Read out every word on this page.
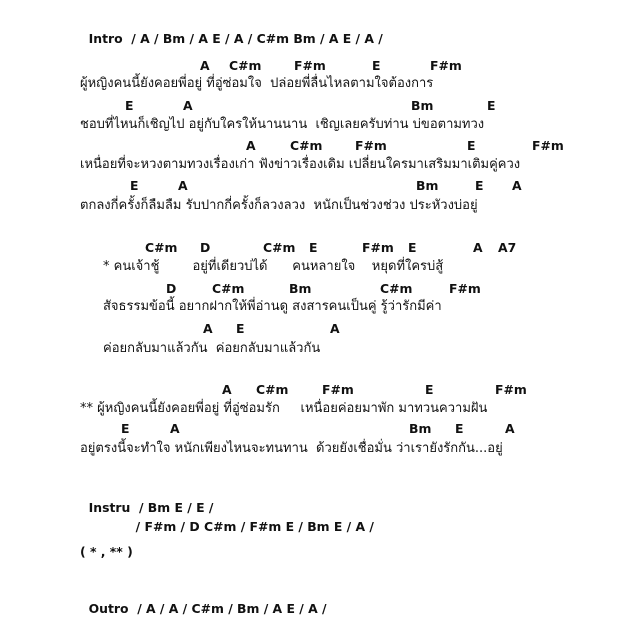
Intro / A / Bm / A E / A / C#m Bm / A E / A /

A C#m	F#m	E	F#m
ผู้หญิงคนนี้ยังคอยพี่อยู่ ที่อู่ซ่อมใจ  ปล่อยพี่ลื่นไหลตามใจต้องการ
E	A	Bm	E
ชอบที่ไหนก็เชิญไป อยู่กับใครให้นานนาน  เชิญเลยครับท่าน บ่ขอตามทวง
A	C#m	F#m	E	F#m
เหนื่อยที่จะหวงตามทวงเรื่องเก่า ฟังข่าวเรื่องเดิม เปลี่ยนใครมาเสริมมาเติมคู่ควง
E	A	Bm	E A
ตกลงกี่ครั้งก็ลืมลืม รับปากกี่ครั้งก็ลวงลวง  หนักเป็นช่วงช่วง ประหัวงบ่อยู่
C#m D	C#m E	F#m E	A A7
* คนเจ้าชู้        อยู่ที่เดียวบ่ได้      คนหลายใจ    หยุดที่ใครบ่สู้
D	C#m	Bm	C#m	F#m
สัจธรรมข้อนี้ อยากฝากให้พี่อ่านดู สงสารคนเป็นคู่ รู้ว่ารักมีค่า
A E	A
ค่อยกลับมาแล้วกัน  ค่อยกลับมาแล้วกัน
A C#m	F#m	E	F#m
** ผู้หญิงคนนี้ยังคอยพี่อยู่ ที่อู่ซ่อมรัก     เหนื่อยค่อยมาพัก มาทวนความฝัน
E	A	Bm E	A
อยู่ตรงนี้จะทำใจ หนักเพียงไหนจะทนทาน  ด้วยยังเชื่อมั่น ว่าเรายังรักกัน...อยู่

Instru / Bm E / E /

/ F#m / D C#m / F#m E / Bm E / A /

( * , ** )

Outro / A / A / C#m / Bm / A E / A /
